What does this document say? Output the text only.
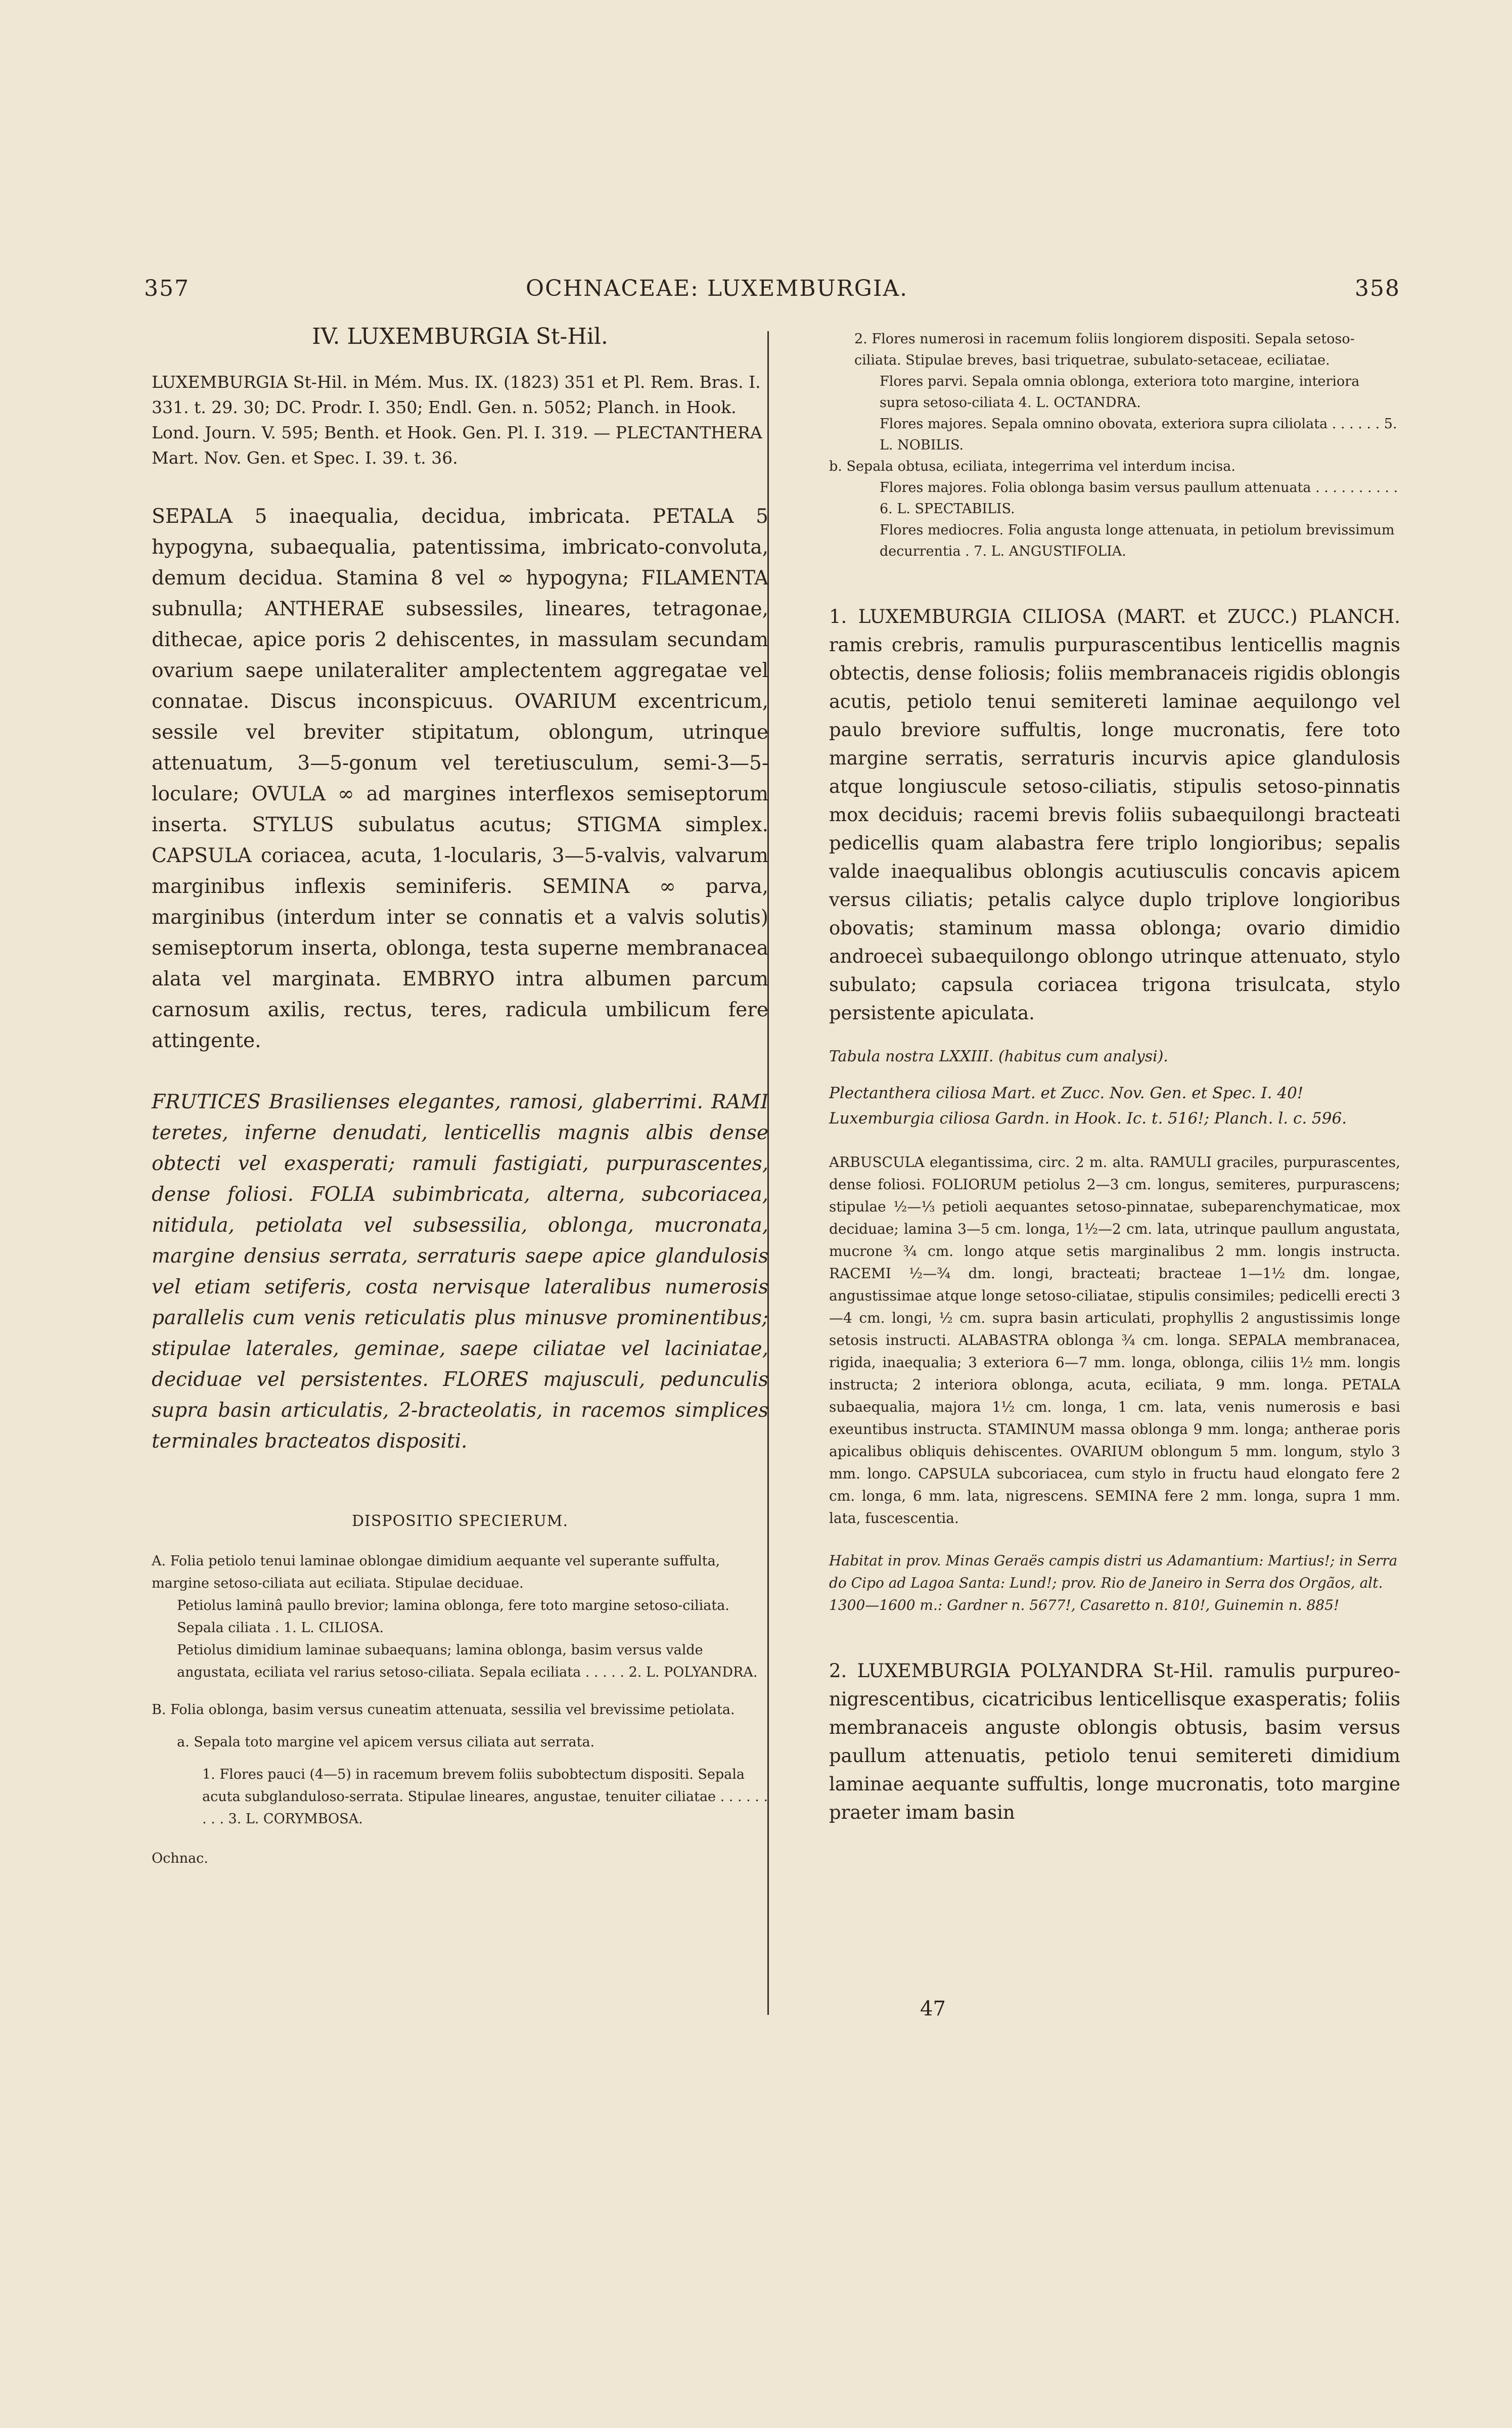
357	OCHNACEAE: LUXEMBURGIA.	358

IV. LUXEMBURGIA St-Hil.

LUXEMBURGIA St-Hil. in Mém. Mus. IX. (1823) 351 et Pl. Rem. Bras. I. 331. t. 29. 30; DC. Prodr. I. 350; Endl. Gen. n. 5052; Planch. in Hook. Lond. Journ. V. 595; Benth. et Hook. Gen. Pl. I. 319. — PLECTANTHERA Mart. Nov. Gen. et Spec. I. 39. t. 36.

SEPALA 5 inaequalia, decidua, imbricata. PETALA 5 hypogyna, subaequalia, patentissima, imbricato-convoluta, demum decidua. Stamina 8 vel ∞ hypogyna; FILAMENTA subnulla; ANTHERAE subsessiles, lineares, tetragonae, dithecae, apice poris 2 dehiscentes, in massulam secundam ovarium saepe unilateraliter amplectentem aggregatae vel connatae. Discus inconspicuus. OVARIUM excentricum, sessile vel breviter stipitatum, oblongum, utrinque attenuatum, 3—5-gonum vel teretiusculum, semi-3—5-loculare; OVULA ∞ ad margines interflexos semiseptorum inserta. STYLUS subulatus acutus; STIGMA simplex. CAPSULA coriacea, acuta, 1-locularis, 3—5-valvis, valvarum marginibus inflexis seminiferis. SEMINA ∞ parva, marginibus (interdum inter se connatis et a valvis solutis) semiseptorum inserta, oblonga, testa superne membranacea alata vel marginata. EMBRYO intra albumen parcum carnosum axilis, rectus, teres, radicula umbilicum fere attingente.

FRUTICES Brasilienses elegantes, ramosi, glaberrimi. RAMI teretes, inferne denudati, lenticellis magnis albis dense obtecti vel exasperati; ramuli fastigiati, purpurascentes, dense foliosi. FOLIA subimbricata, alterna, subcoriacea, nitidula, petiolata vel subsessilia, oblonga, mucronata, margine densius serrata, serraturis saepe apice glandulosis vel etiam setiferis, costa nervisque lateralibus numerosis parallelis cum venis reticulatis plus minusve prominentibus; stipulae laterales, geminae, saepe ciliatae vel laciniatae, deciduae vel persistentes. FLORES majusculi, pedunculis supra basin articulatis, 2-bracteolatis, in racemos simplices terminales bracteatos dispositi.

DISPOSITIO SPECIERUM.

A. Folia petiolo tenui laminae oblongae dimidium aequante vel superante suffulta, margine setoso-ciliata aut eciliata. Stipulae deciduae.

Petiolus laminâ paullo brevior; lamina oblonga, fere toto margine setoso-ciliata. Sepala ciliata . 1. L. CILIOSA.

Petiolus dimidium laminae subaequans; lamina oblonga, basim versus valde angustata, eciliata vel rarius setoso-ciliata. Sepala eciliata . . . . . 2. L. POLYANDRA.

B. Folia oblonga, basim versus cuneatim attenuata, sessilia vel brevissime petiolata.

a. Sepala toto margine vel apicem versus ciliata aut serrata.

1. Flores pauci (4—5) in racemum brevem foliis subobtectum dispositi. Sepala acuta subglanduloso-serrata. Stipulae lineares, angustae, tenuiter ciliatae . . . . . . . . . 3. L. CORYMBOSA.

Ochnac.

2. Flores numerosi in racemum foliis longiorem dispositi. Sepala setoso-ciliata. Stipulae breves, basi triquetrae, subulato-setaceae, eciliatae.

Flores parvi. Sepala omnia oblonga, exteriora toto margine, interiora supra setoso-ciliata 4. L. OCTANDRA.

Flores majores. Sepala omnino obovata, exteriora supra ciliolata . . . . . . 5. L. NOBILIS.

b. Sepala obtusa, eciliata, integerrima vel interdum incisa.

Flores majores. Folia oblonga basim versus paullum attenuata . . . . . . . . . . 6. L. SPECTABILIS.

Flores mediocres. Folia angusta longe attenuata, in petiolum brevissimum decurrentia . 7. L. ANGUSTIFOLIA.

1. LUXEMBURGIA CILIOSA (MART. et ZUCC.) PLANCH. ramis crebris, ramulis purpurascentibus lenticellis magnis obtectis, dense foliosis; foliis membranaceis rigidis oblongis acutis, petiolo tenui semitereti laminae aequilongo vel paulo breviore suffultis, longe mucronatis, fere toto margine serratis, serraturis incurvis apice glandulosis atque longiuscule setoso-ciliatis, stipulis setoso-pinnatis mox deciduis; racemi brevis foliis subaequilongi bracteati pedicellis quam alabastra fere triplo longioribus; sepalis valde inaequalibus oblongis acutiusculis concavis apicem versus ciliatis; petalis calyce duplo triplove longioribus obovatis; staminum massa oblonga; ovario dimidio androeceì subaequilongo oblongo utrinque attenuato, stylo subulato; capsula coriacea trigona trisulcata, stylo persistente apiculata.

Tabula nostra LXXIII. (habitus cum analysi).

Plectanthera ciliosa Mart. et Zucc. Nov. Gen. et Spec. I. 40!

Luxemburgia ciliosa Gardn. in Hook. Ic. t. 516!; Planch. l. c. 596.

ARBUSCULA elegantissima, circ. 2 m. alta. RAMULI graciles, purpurascentes, dense foliosi. FOLIORUM petiolus 2—3 cm. longus, semiteres, purpurascens; stipulae ½—⅓ petioli aequantes setoso-pinnatae, subeparenchymaticae, mox deciduae; lamina 3—5 cm. longa, 1½—2 cm. lata, utrinque paullum angustata, mucrone ¾ cm. longo atque setis marginalibus 2 mm. longis instructa. RACEMI ½—¾ dm. longi, bracteati; bracteae 1—1½ dm. longae, angustissimae atque longe setoso-ciliatae, stipulis consimiles; pedicelli erecti 3—4 cm. longi, ½ cm. supra basin articulati, prophyllis 2 angustissimis longe setosis instructi. ALABASTRA oblonga ¾ cm. longa. SEPALA membranacea, rigida, inaequalia; 3 exteriora 6—7 mm. longa, oblonga, ciliis 1½ mm. longis instructa; 2 interiora oblonga, acuta, eciliata, 9 mm. longa. PETALA subaequalia, majora 1½ cm. longa, 1 cm. lata, venis numerosis e basi exeuntibus instructa. STAMINUM massa oblonga 9 mm. longa; antherae poris apicalibus obliquis dehiscentes. OVARIUM oblongum 5 mm. longum, stylo 3 mm. longo. CAPSULA subcoriacea, cum stylo in fructu haud elongato fere 2 cm. longa, 6 mm. lata, nigrescens. SEMINA fere 2 mm. longa, supra 1 mm. lata, fuscescentia.

Habitat in prov. Minas Geraës campis distri us Adamantium: Martius!; in Serra do Cipo ad Lagoa Santa: Lund!; prov. Rio de Janeiro in Serra dos Orgãos, alt. 1300—1600 m.: Gardner n. 5677!, Casaretto n. 810!, Guinemin n. 885!

2. LUXEMBURGIA POLYANDRA St-Hil. ramulis purpureo-nigrescentibus, cicatricibus lenticellisque exasperatis; foliis membranaceis anguste oblongis obtusis, basim versus paullum attenuatis, petiolo tenui semitereti dimidium laminae aequante suffultis, longe mucronatis, toto margine praeter imam basin

47
